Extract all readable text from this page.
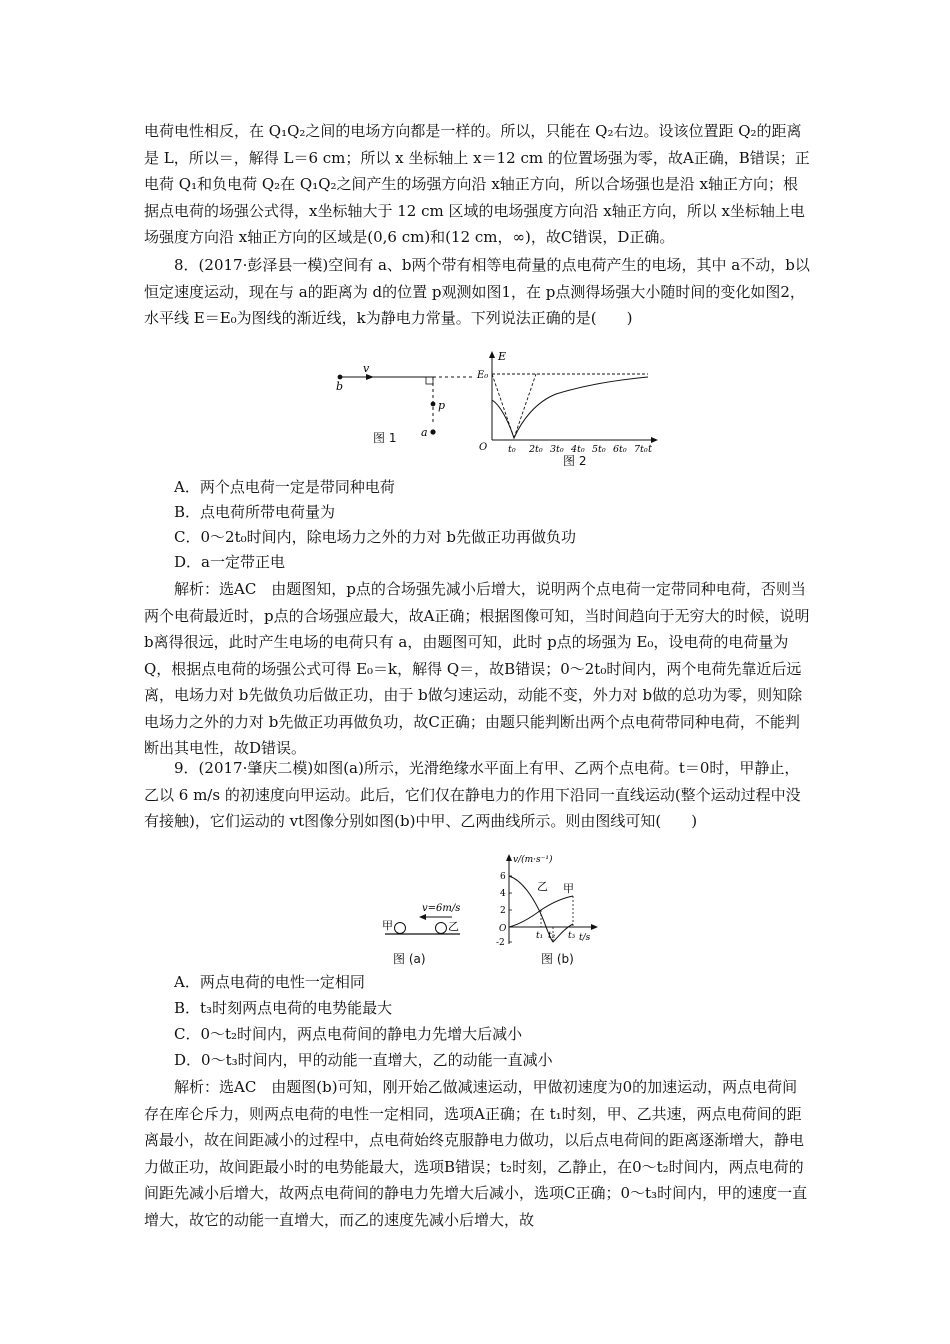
电荷电性相反，在 Q₁Q₂之间的电场方向都是一样的。所以，只能在 Q₂右边。设该位置距 Q₂的距离是 L，所以＝，解得 L＝6 cm；所以 x 坐标轴上 x＝12 cm 的位置场强为零，故A正确，B错误；正电荷 Q₁和负电荷 Q₂在 Q₁Q₂之间产生的场强方向沿 x轴正方向，所以合场强也是沿 x轴正方向；根据点电荷的场强公式得，x坐标轴大于 12 cm 区域的电场强度方向沿 x轴正方向，所以 x坐标轴上电场强度方向沿 x轴正方向的区域是(0,6 cm)和(12 cm，∞)，故C错误，D正确。

8．(2017·彭泽县一模)空间有 a、b两个带有相等电荷量的点电荷产生的电场，其中 a不动，b以恒定速度运动，现在与 a的距离为 d的位置 p观测如图1，在 p点测得场强大小随时间的变化如图2，水平线 E＝E₀为图线的渐近线，k为静电力常量。下列说法正确的是(　　)

b
v
p
a
图 1
E
E₀
O	t
t₀ 2t₀ 3t₀ 4t₀ 5t₀ 6t₀ 7t₀
图 2
A．两个点电荷一定是带同种电荷
B．点电荷所带电荷量为
C．0～2t₀时间内，除电场力之外的力对 b先做正功再做负功
D．a一定带正电

解析：选AC　由题图知，p点的合场强先减小后增大，说明两个点电荷一定带同种电荷，否则当两个电荷最近时，p点的合场强应最大，故A正确；根据图像可知，当时间趋向于无穷大的时候，说明 b离得很远，此时产生电场的电荷只有 a，由题图可知，此时 p点的场强为 E₀，设电荷的电荷量为 Q，根据点电荷的场强公式可得 E₀＝k，解得 Q＝，故B错误；0～2t₀时间内，两个电荷先靠近后远离，电场力对 b先做负功后做正功，由于 b做匀速运动，动能不变，外力对 b做的总功为零，则知除电场力之外的力对 b先做正功再做负功，故C正确；由题只能判断出两个点电荷带同种电荷，不能判断出其电性，故D错误。

9．(2017·肇庆二模)如图(a)所示，光滑绝缘水平面上有甲、乙两个点电荷。t＝0时，甲静止，乙以 6 m/s 的初速度向甲运动。此后，它们仅在静电力的作用下沿同一直线运动(整个运动过程中没有接触)，它们运动的 vt图像分别如图(b)中甲、乙两曲线所示。则由图线可知(　　)

v=6m/s
甲	乙
图 (a)
v/(m·s⁻¹)
t/s
O
6
4
2
-2
t₁ t₂ t₃
乙 甲
图 (b)
A．两点电荷的电性一定相同
B．t₃时刻两点电荷的电势能最大
C．0～t₂时间内，两点电荷间的静电力先增大后减小
D．0～t₃时间内，甲的动能一直增大，乙的动能一直减小

解析：选AC　由题图(b)可知，刚开始乙做减速运动，甲做初速度为0的加速运动，两点电荷间存在库仑斥力，则两点电荷的电性一定相同，选项A正确；在 t₁时刻，甲、乙共速，两点电荷间的距离最小，故在间距减小的过程中，点电荷始终克服静电力做功，以后点电荷间的距离逐渐增大，静电力做正功，故间距最小时的电势能最大，选项B错误；t₂时刻，乙静止，在0～t₂时间内，两点电荷的间距先减小后增大，故两点电荷间的静电力先增大后减小，选项C正确；0～t₃时间内，甲的速度一直增大，故它的动能一直增大，而乙的速度先减小后增大，故
